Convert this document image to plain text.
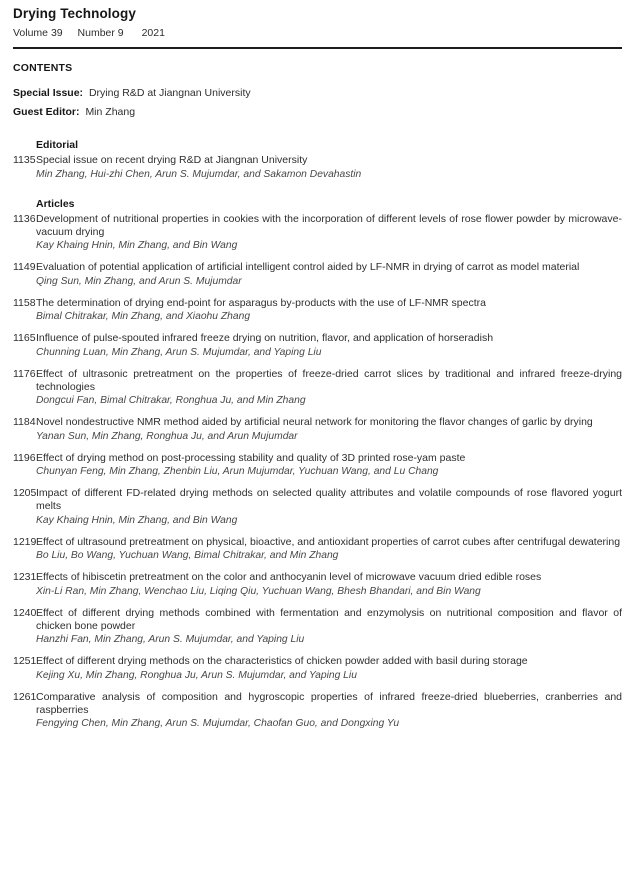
Drying Technology
Volume 39 Number 9 2021
CONTENTS
Special Issue: Drying R&D at Jiangnan University
Guest Editor: Min Zhang
Editorial
1135 Special issue on recent drying R&D at Jiangnan University
Min Zhang, Hui-zhi Chen, Arun S. Mujumdar, and Sakamon Devahastin
Articles
1136 Development of nutritional properties in cookies with the incorporation of different levels of rose flower powder by microwave-vacuum drying
Kay Khaing Hnin, Min Zhang, and Bin Wang
1149 Evaluation of potential application of artificial intelligent control aided by LF-NMR in drying of carrot as model material
Qing Sun, Min Zhang, and Arun S. Mujumdar
1158 The determination of drying end-point for asparagus by-products with the use of LF-NMR spectra
Bimal Chitrakar, Min Zhang, and Xiaohu Zhang
1165 Influence of pulse-spouted infrared freeze drying on nutrition, flavor, and application of horseradish
Chunning Luan, Min Zhang, Arun S. Mujumdar, and Yaping Liu
1176 Effect of ultrasonic pretreatment on the properties of freeze-dried carrot slices by traditional and infrared freeze-drying technologies
Dongcui Fan, Bimal Chitrakar, Ronghua Ju, and Min Zhang
1184 Novel nondestructive NMR method aided by artificial neural network for monitoring the flavor changes of garlic by drying
Yanan Sun, Min Zhang, Ronghua Ju, and Arun Mujumdar
1196 Effect of drying method on post-processing stability and quality of 3D printed rose-yam paste
Chunyan Feng, Min Zhang, Zhenbin Liu, Arun Mujumdar, Yuchuan Wang, and Lu Chang
1205 Impact of different FD-related drying methods on selected quality attributes and volatile compounds of rose flavored yogurt melts
Kay Khaing Hnin, Min Zhang, and Bin Wang
1219 Effect of ultrasound pretreatment on physical, bioactive, and antioxidant properties of carrot cubes after centrifugal dewatering
Bo Liu, Bo Wang, Yuchuan Wang, Bimal Chitrakar, and Min Zhang
1231 Effects of hibiscetin pretreatment on the color and anthocyanin level of microwave vacuum dried edible roses
Xin-Li Ran, Min Zhang, Wenchao Liu, Liqing Qiu, Yuchuan Wang, Bhesh Bhandari, and Bin Wang
1240 Effect of different drying methods combined with fermentation and enzymolysis on nutritional composition and flavor of chicken bone powder
Hanzhi Fan, Min Zhang, Arun S. Mujumdar, and Yaping Liu
1251 Effect of different drying methods on the characteristics of chicken powder added with basil during storage
Kejing Xu, Min Zhang, Ronghua Ju, Arun S. Mujumdar, and Yaping Liu
1261 Comparative analysis of composition and hygroscopic properties of infrared freeze-dried blueberries, cranberries and raspberries
Fengying Chen, Min Zhang, Arun S. Mujumdar, Chaofan Guo, and Dongxing Yu
